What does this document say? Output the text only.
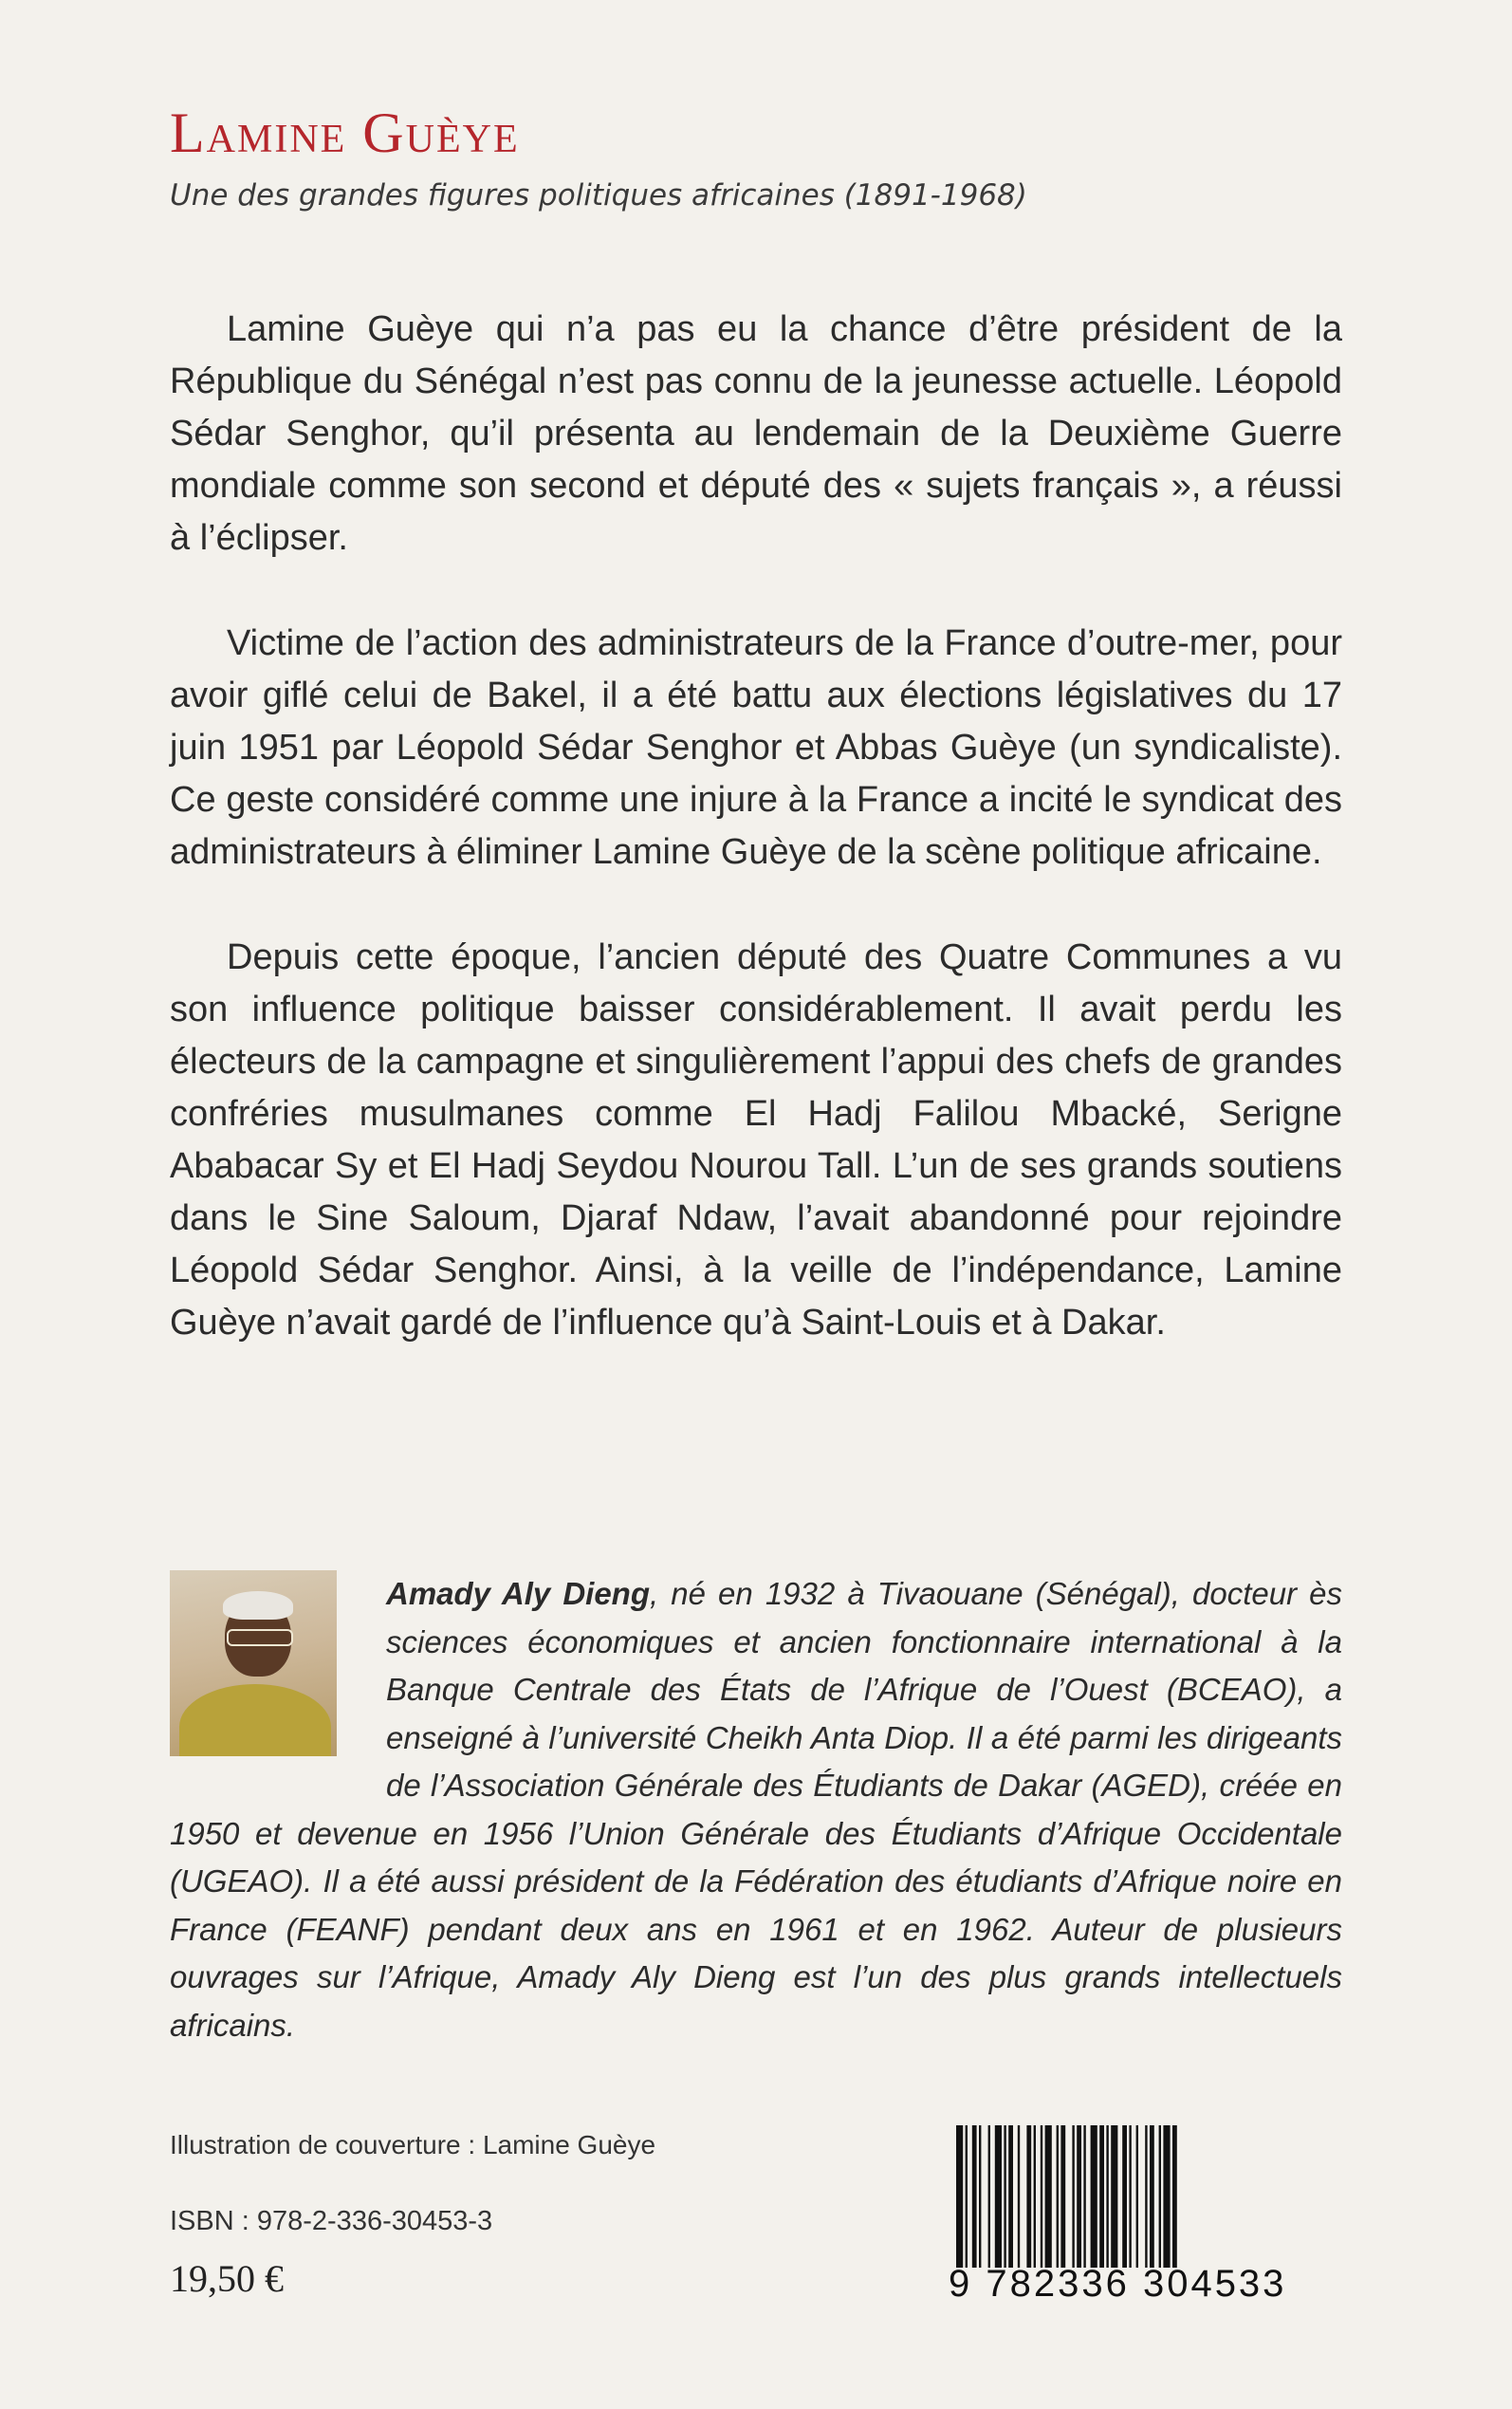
Lamine Guèye

Une des grandes figures politiques africaines (1891-1968)

Lamine Guèye qui n’a pas eu la chance d’être président de la République du Sénégal n’est pas connu de la jeunesse actuelle. Léopold Sédar Senghor, qu’il présenta au lendemain de la Deuxième Guerre mondiale comme son second et député des « sujets français », a réussi à l’éclipser.

Victime de l’action des administrateurs de la France d’outre-mer, pour avoir giflé celui de Bakel, il a été battu aux élections législatives du 17 juin 1951 par Léopold Sédar Senghor et Abbas Guèye (un syndicaliste). Ce geste considéré comme une injure à la France a incité le syndicat des administrateurs à éliminer Lamine Guèye de la scène politique africaine.

Depuis cette époque, l’ancien député des Quatre Communes a vu son influence politique baisser considérablement. Il avait perdu les électeurs de la campagne et singulièrement l’appui des chefs de grandes confréries musulmanes comme El Hadj Falilou Mbacké, Serigne Ababacar Sy et El Hadj Seydou Nourou Tall. L’un de ses grands soutiens dans le Sine Saloum, Djaraf Ndaw, l’avait abandonné pour rejoindre Léopold Sédar Senghor. Ainsi, à la veille de l’indépendance, Lamine Guèye n’avait gardé de l’influence qu’à Saint-Louis et à Dakar.

Amady Aly Dieng, né en 1932 à Tivaouane (Sénégal), docteur ès sciences économiques et ancien fonctionnaire international à la Banque Centrale des États de l’Afrique de l’Ouest (BCEAO), a enseigné à l’université Cheikh Anta Diop. Il a été parmi les dirigeants de l’Association Générale des Étudiants de Dakar (AGED), créée en 1950 et devenue en 1956 l’Union Générale des Étudiants d’Afrique Occidentale (UGEAO). Il a été aussi président de la Fédération des étudiants d’Afrique noire en France (FEANF) pendant deux ans en 1961 et en 1962. Auteur de plusieurs ouvrages sur l’Afrique, Amady Aly Dieng est l’un des plus grands intellectuels africains.

Illustration de couverture : Lamine Guèye

ISBN : 978-2-336-30453-3

19,50 €	9 782336 304533
